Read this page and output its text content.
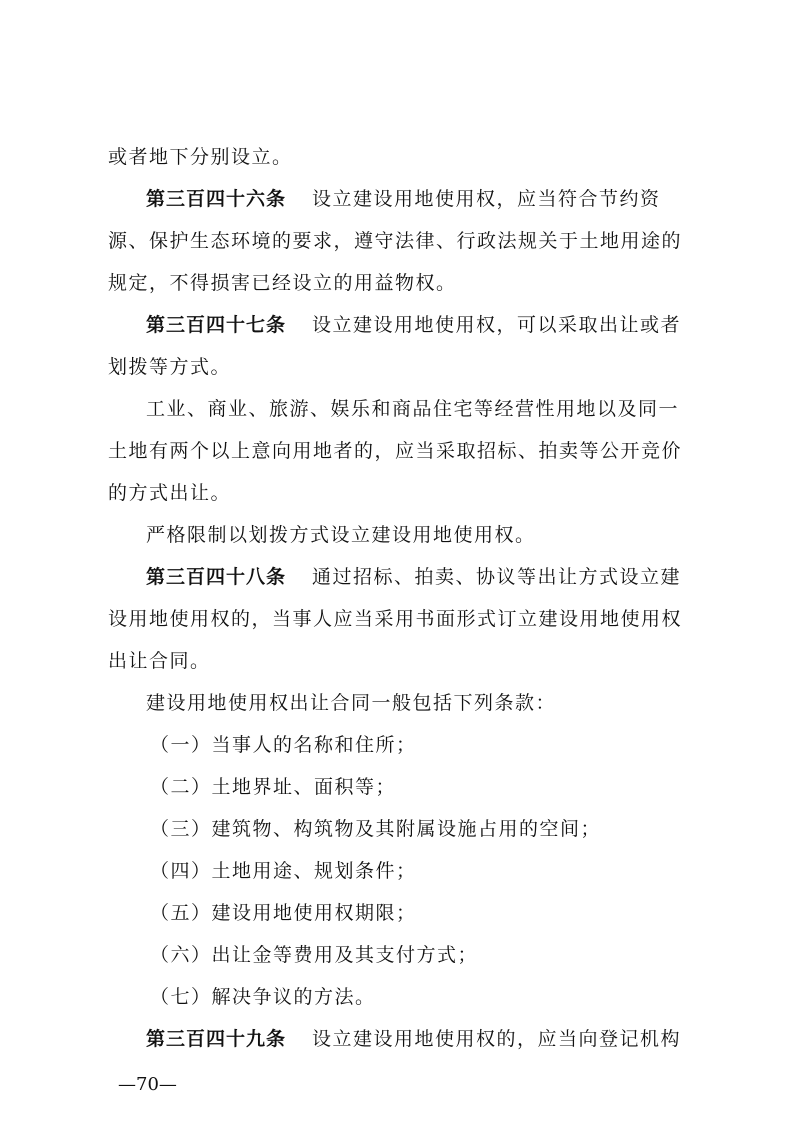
或者地下分别设立。
第三百四十六条 设立建设用地使用权，应当符合节约资
源、保护生态环境的要求，遵守法律、行政法规关于土地用途的
规定，不得损害已经设立的用益物权。
第三百四十七条 设立建设用地使用权，可以采取出让或者
划拨等方式。
工业、商业、旅游、娱乐和商品住宅等经营性用地以及同一
土地有两个以上意向用地者的，应当采取招标、拍卖等公开竞价
的方式出让。
严格限制以划拨方式设立建设用地使用权。
第三百四十八条 通过招标、拍卖、协议等出让方式设立建
设用地使用权的，当事人应当采用书面形式订立建设用地使用权
出让合同。
建设用地使用权出让合同一般包括下列条款：
（一）当事人的名称和住所；
（二）土地界址、面积等；
（三）建筑物、构筑物及其附属设施占用的空间；
（四）土地用途、规划条件；
（五）建设用地使用权期限；
（六）出让金等费用及其支付方式；
（七）解决争议的方法。
第三百四十九条 设立建设用地使用权的，应当向登记机构
—70—
